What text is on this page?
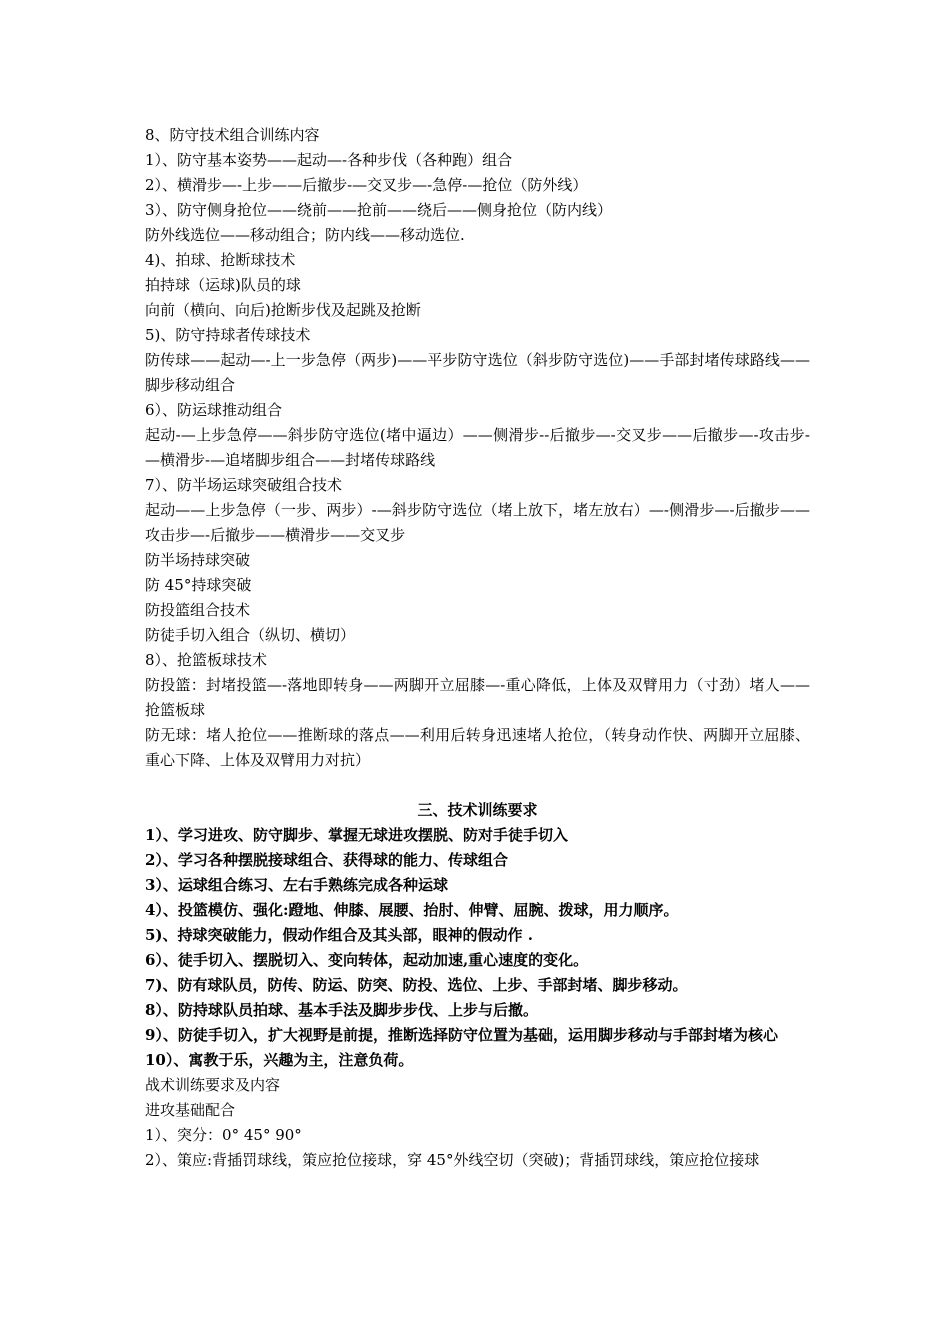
8、防守技术组合训练内容
1）、防守基本姿势——起动—-各种步伐（各种跑）组合
2）、横滑步—-上步——后撤步-—交叉步—-急停-—抢位（防外线）
3）、防守侧身抢位——绕前——抢前——绕后——侧身抢位（防内线）
防外线选位——移动组合；防内线——移动选位.
4)、拍球、抢断球技术
拍持球（运球)队员的球
向前（横向、向后)抢断步伐及起跳及抢断
5)、防守持球者传球技术
防传球——起动—-上一步急停（两步)——平步防守选位（斜步防守选位)——手部封堵传球路线——脚步移动组合
6）、防运球推动组合
起动-—上步急停——斜步防守选位(堵中逼边）——侧滑步--后撤步—-交叉步——后撤步—-攻击步-—横滑步-—追堵脚步组合——封堵传球路线
7）、防半场运球突破组合技术
起动——上步急停（一步、两步）-—斜步防守选位（堵上放下，堵左放右）—-侧滑步—-后撤步——攻击步—-后撤步——横滑步——交叉步
防半场持球突破
防 45°持球突破
防投篮组合技术
防徒手切入组合（纵切、横切）
8）、抢篮板球技术
防投篮：封堵投篮—-落地即转身——两脚开立屈膝—-重心降低，上体及双臂用力（寸劲）堵人——抢篮板球
防无球：堵人抢位——推断球的落点——利用后转身迅速堵人抢位，（转身动作快、两脚开立屈膝、重心下降、上体及双臂用力对抗）
三、技术训练要求
1）、学习进攻、防守脚步、掌握无球进攻摆脱、防对手徒手切入
2）、学习各种摆脱接球组合、获得球的能力、传球组合
3）、运球组合练习、左右手熟练完成各种运球
4）、投篮模仿、强化:蹬地、伸膝、展腰、抬肘、伸臂、屈腕、拨球，用力顺序。
5)、持球突破能力，假动作组合及其头部，眼神的假动作 .
6）、徒手切入、摆脱切入、变向转体，起动加速,重心速度的变化。
7)、防有球队员，防传、防运、防突、防投、选位、上步、手部封堵、脚步移动。
8）、防持球队员拍球、基本手法及脚步步伐、上步与后撤。
9）、防徒手切入，扩大视野是前提，推断选择防守位置为基础，运用脚步移动与手部封堵为核心
10）、寓教于乐，兴趣为主，注意负荷。
战术训练要求及内容
进攻基础配合
1）、突分：0° 45° 90°
2）、策应:背插罚球线，策应抢位接球，穿 45°外线空切（突破)；背插罚球线，策应抢位接球
